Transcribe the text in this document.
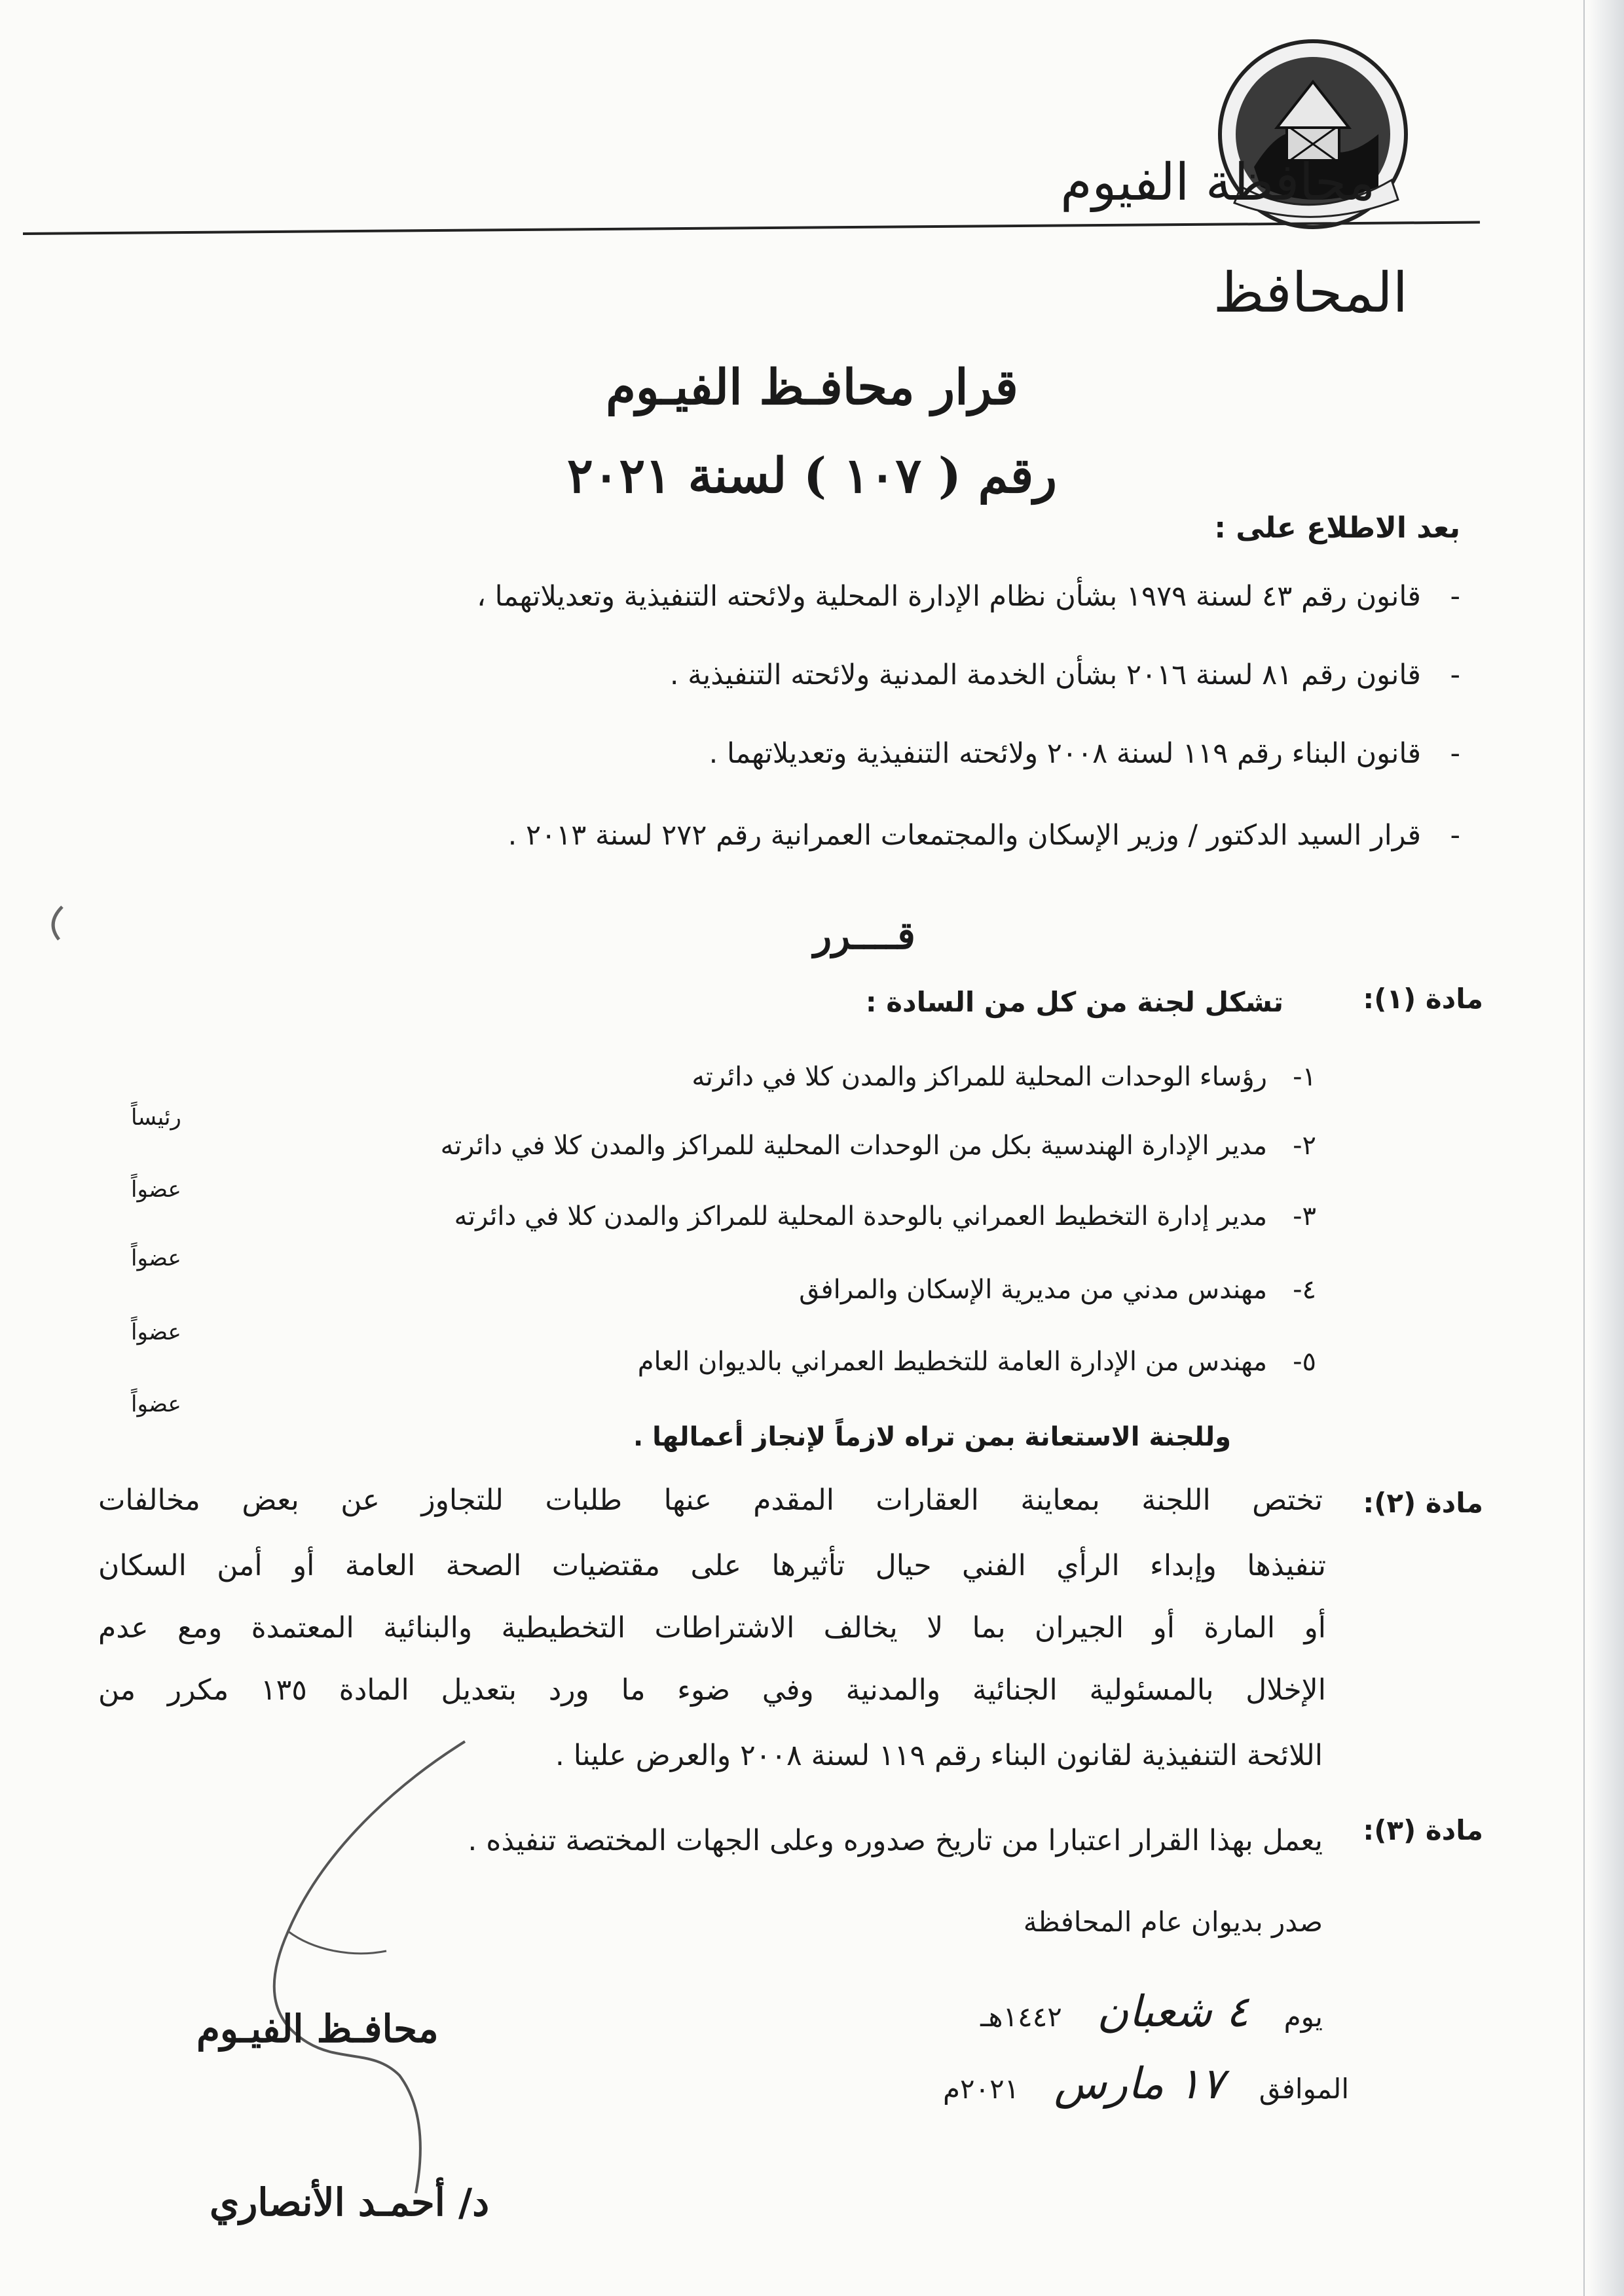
محافظة الفيوم
المحافظ
قرار محافـظ الفيـوم
رقم ( ١٠٧ ) لسنة ٢٠٢١
بعد الاطلاع على :
-
قانون رقم ٤٣ لسنة ١٩٧٩ بشأن نظام الإدارة المحلية ولائحته التنفيذية وتعديلاتهما ،
-
قانون رقم ٨١ لسنة ٢٠١٦ بشأن الخدمة المدنية ولائحته التنفيذية .
-
قانون البناء رقم ١١٩ لسنة ٢٠٠٨ ولائحته التنفيذية وتعديلاتهما .
-
قرار السيد الدكتور / وزير الإسكان والمجتمعات العمرانية رقم ٢٧٢ لسنة ٢٠١٣ .
قــــرر
مادة (١):
تشكل لجنة من كل من السادة :
١-
رؤساء الوحدات المحلية للمراكز والمدن كلا في دائرته
رئيساً
٢-
مدير الإدارة الهندسية بكل من الوحدات المحلية للمراكز والمدن كلا في دائرته
عضواً
٣-
مدير إدارة التخطيط العمراني بالوحدة المحلية للمراكز والمدن كلا في دائرته
عضواً
٤-
مهندس مدني من مديرية الإسكان والمرافق
عضواً
٥-
مهندس من الإدارة العامة للتخطيط العمراني بالديوان العام
عضواً
وللجنة الاستعانة بمن تراه لازماً لإنجاز أعمالها .
مادة (٢):
تختص اللجنة بمعاينة العقارات المقدم عنها طلبات للتجاوز عن بعض مخالفات
تنفيذها وإبداء الرأي الفني حيال تأثيرها على مقتضيات الصحة العامة أو أمن السكان
أو المارة أو الجيران بما لا يخالف الاشتراطات التخطيطية والبنائية المعتمدة ومع عدم
الإخلال بالمسئولية الجنائية والمدنية وفي ضوء ما ورد بتعديل المادة ١٣٥ مكرر من
اللائحة التنفيذية لقانون البناء رقم ١١٩ لسنة ٢٠٠٨ والعرض علينا .
مادة (٣):
يعمل بهذا القرار اعتبارا من تاريخ صدوره وعلى الجهات المختصة تنفيذه .
صدر بديوان عام المحافظة
يوم ٤ شعبان ١٤٤٢هـ
الموافق ١٧ مارس ٢٠٢١م
محافـظ الفيـوم
د/ أحمـد الأنصاري
